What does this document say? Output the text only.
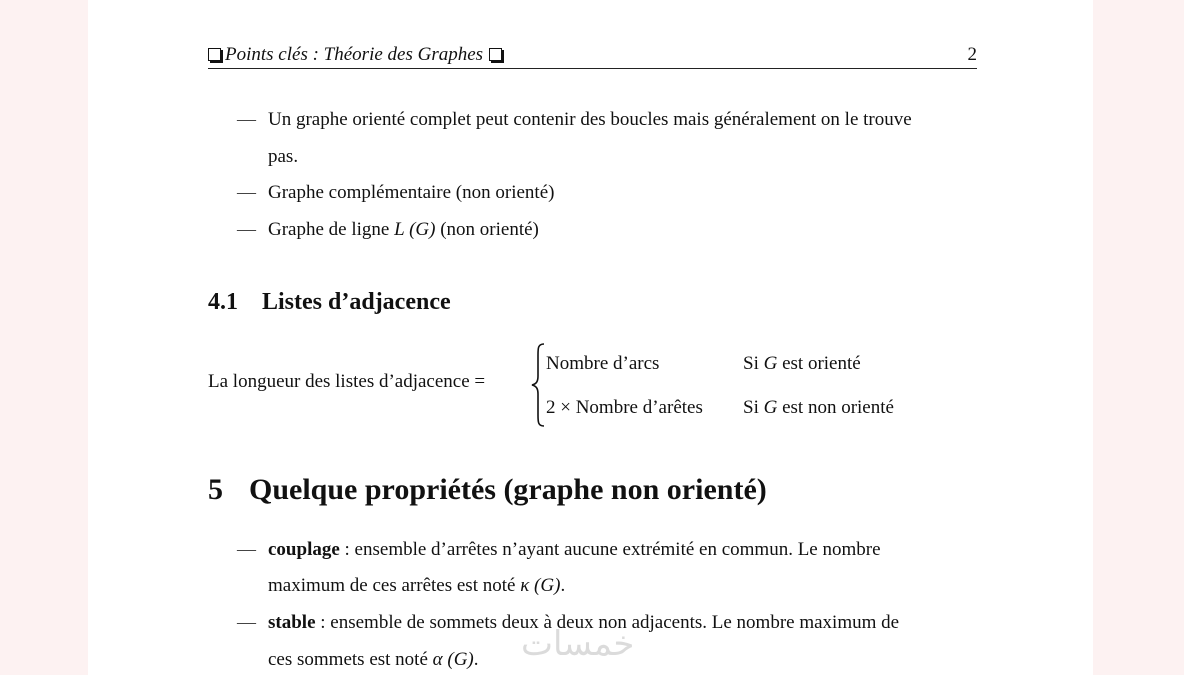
Points clés : Théorie des Graphes	2
— Un graphe orienté complet peut contenir des boucles mais généralement on le trouve
pas.
— Graphe complémentaire (non orienté)
— Graphe de ligne L (G) (non orienté)
4.1 Listes d’adjacence
La longueur des listes d’adjacence =
Nombre d’arcs	Si G est orienté
2 × Nombre d’arêtes Si G est non orienté
5 Quelque propriétés (graphe non orienté)
— couplage : ensemble d’arrêtes n’ayant aucune extrémité en commun. Le nombre
maximum de ces arrêtes est noté κ (G).
— stable : ensemble de sommets deux à deux non adjacents. Le nombre maximum de
ces sommets est noté α (G). خمسات
